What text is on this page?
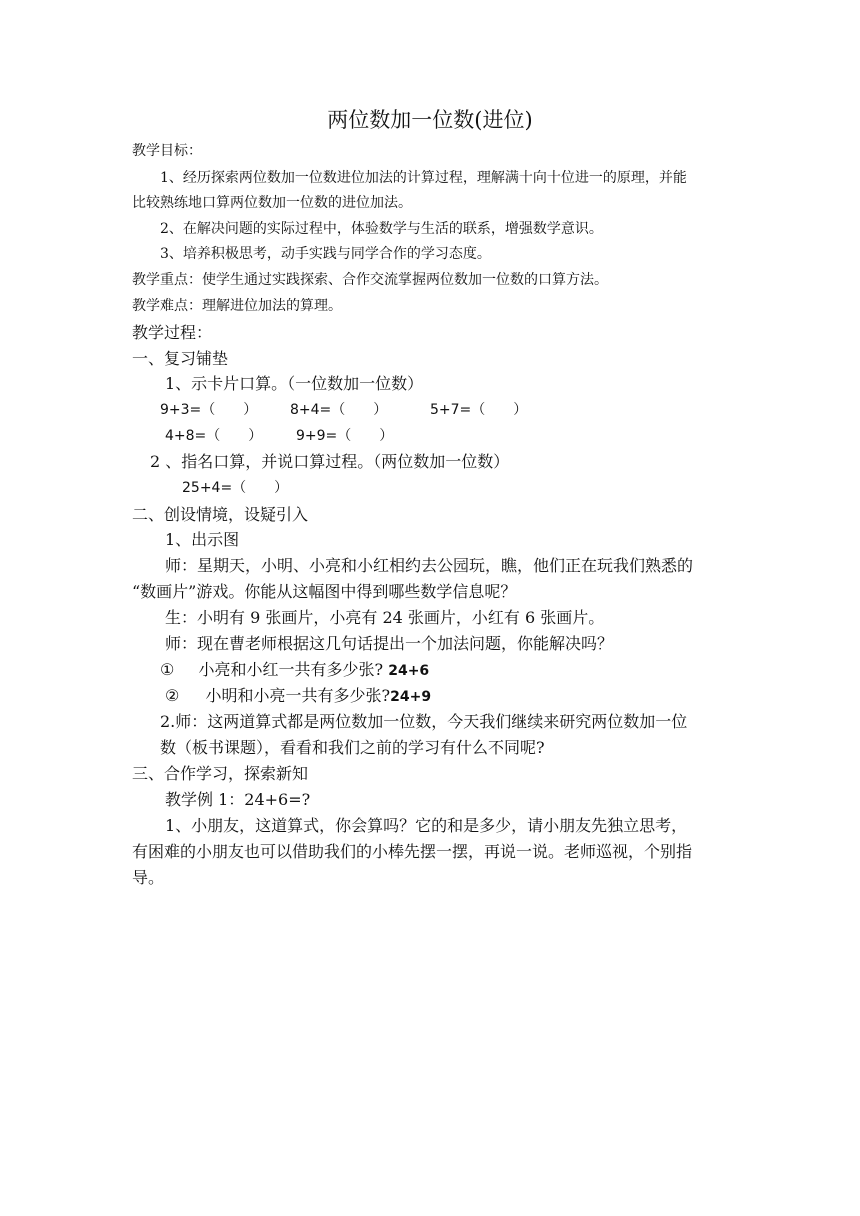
两位数加一位数(进位)
教学目标：
1、经历探索两位数加一位数进位加法的计算过程，理解满十向十位进一的原理，并能
比较熟练地口算两位数加一位数的进位加法。
2、在解决问题的实际过程中，体验数学与生活的联系，增强数学意识。
3、培养积极思考，动手实践与同学合作的学习态度。
教学重点：使学生通过实践探索、合作交流掌握两位数加一位数的口算方法。
教学难点：理解进位加法的算理。
教学过程：
一、复习铺垫
1、示卡片口算。（一位数加一位数）
9+3=（　　） 8+4=（　　）	5+7=（　　）
4+8=（　　） 9+9=（　　）
2 、指名口算，并说口算过程。（两位数加一位数）
25+4=（　　）
二、创设情境，设疑引入
1、出示图
师：星期天，小明、小亮和小红相约去公园玩，瞧，他们正在玩我们熟悉的
“数画片”游戏。你能从这幅图中得到哪些数学信息呢？
生：小明有 9 张画片，小亮有 24 张画片，小红有 6 张画片。
师：现在曹老师根据这几句话提出一个加法问题，你能解决吗？
① 小亮和小红一共有多少张? 24+6
② 小明和小亮一共有多少张?24+9
2.师：这两道算式都是两位数加一位数，今天我们继续来研究两位数加一位
数（板书课题），看看和我们之前的学习有什么不同呢?
三、合作学习，探索新知
教学例 1：24+6=?
1、小朋友，这道算式，你会算吗？它的和是多少，请小朋友先独立思考，
有困难的小朋友也可以借助我们的小棒先摆一摆，再说一说。老师巡视，个别指
导。
